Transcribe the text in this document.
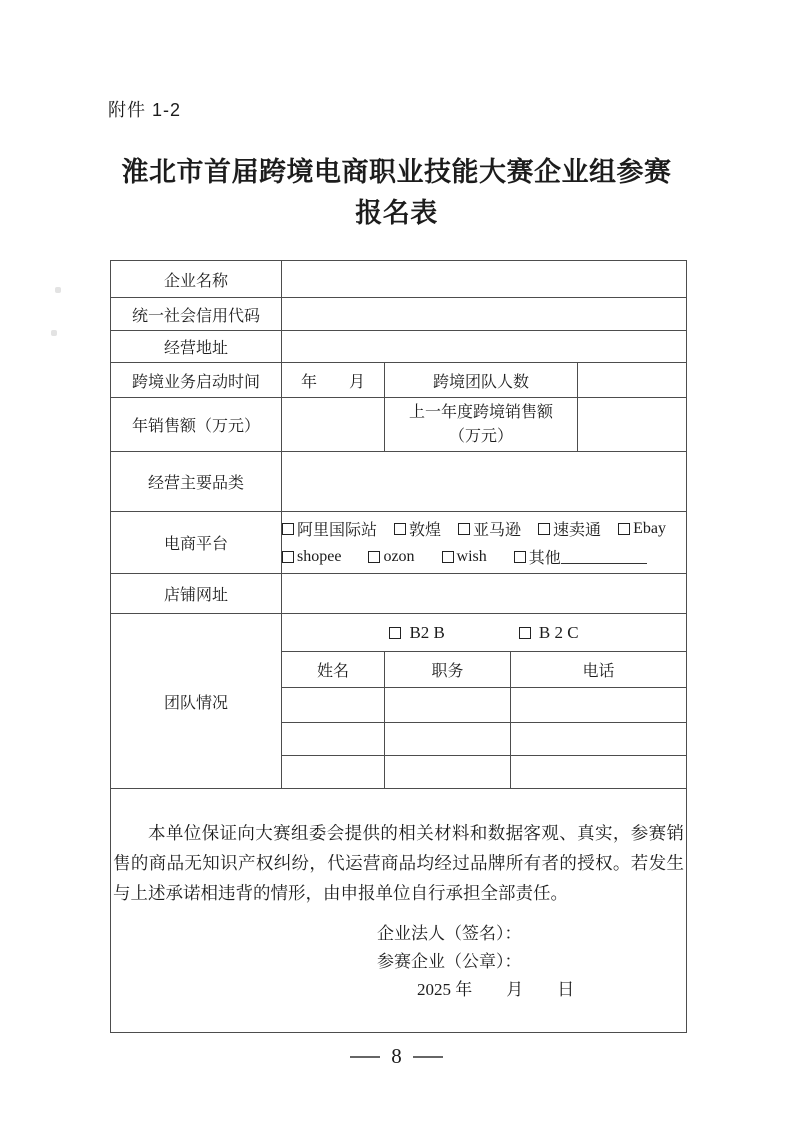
附件 1-2
淮北市首届跨境电商职业技能大赛企业组参赛
报名表
企业名称				
统一社会信用代码				
经营地址				
跨境业务启动时间	年　　月	跨境团队人数		
年销售额（万元）		上一年度跨境销售额
（万元）		

经营主要品类				
电商平台	
阿里国际站 敦煌 亚马逊 速卖通 Ebay
shopee	ozon	wish	其他

店铺网址				
团队情况	B2 B B 2 C			

	姓名	职务	电话	

本单位保证向大赛组委会提供的相关材料和数据客观、真实，参赛销售的商品无知识产权纠纷，代运营商品均经过品牌所有者的授权。若发生与上述承诺相违背的情形，由申报单位自行承担全部责任。

企业法人（签名）：
参赛企业（公章）：
2025 年　　月　　日				
8
